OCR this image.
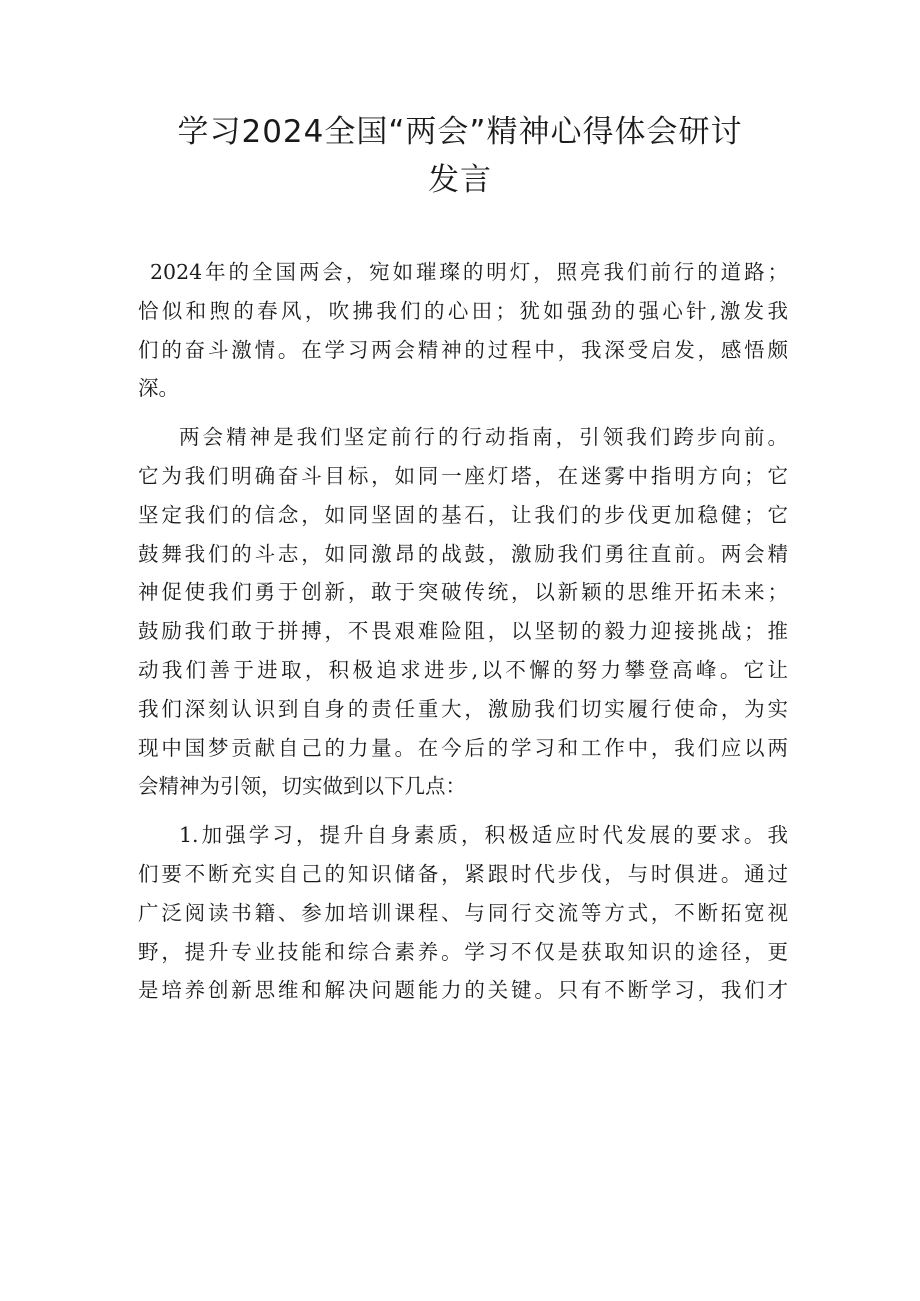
学习2024全国“两会”精神心得体会研讨
发言

2024年的全国两会，宛如璀璨的明灯，照亮我们前行的道路；
恰似和煦的春风，吹拂我们的心田；犹如强劲的强心针,激发我
们的奋斗激情。在学习两会精神的过程中，我深受启发，感悟颇
深。

两会精神是我们坚定前行的行动指南，引领我们跨步向前。
它为我们明确奋斗目标，如同一座灯塔，在迷雾中指明方向；它
坚定我们的信念，如同坚固的基石，让我们的步伐更加稳健；它
鼓舞我们的斗志，如同激昂的战鼓，激励我们勇往直前。两会精
神促使我们勇于创新，敢于突破传统，以新颖的思维开拓未来；
鼓励我们敢于拼搏，不畏艰难险阻，以坚韧的毅力迎接挑战；推
动我们善于进取，积极追求进步,以不懈的努力攀登高峰。它让
我们深刻认识到自身的责任重大，激励我们切实履行使命，为实
现中国梦贡献自己的力量。在今后的学习和工作中，我们应以两
会精神为引领，切实做到以下几点：

1.加强学习，提升自身素质，积极适应时代发展的要求。我
们要不断充实自己的知识储备，紧跟时代步伐，与时俱进。通过
广泛阅读书籍、参加培训课程、与同行交流等方式，不断拓宽视
野，提升专业技能和综合素养。学习不仅是获取知识的途径，更
是培养创新思维和解决问题能力的关键。只有不断学习，我们才
